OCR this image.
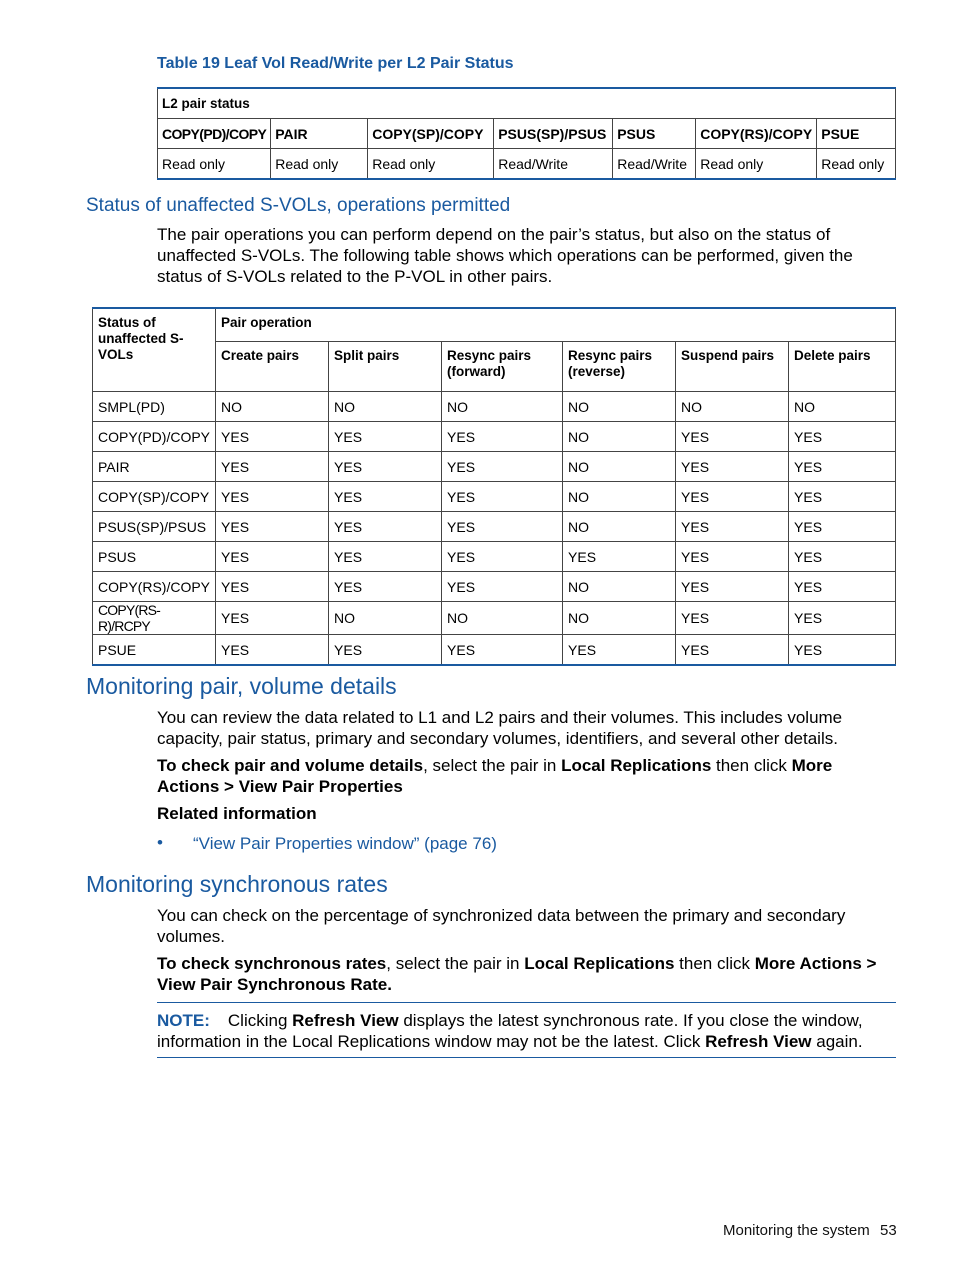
Table 19 Leaf Vol Read/Write per L2 Pair Status
L2 pair status						
COPY(PD)/COPY	PAIR	COPY(SP)/COPY	PSUS(SP)/PSUS	PSUS	COPY(RS)/COPY	PSUE
Read only	Read only	Read only	Read/Write	Read/Write	Read only	Read only
Status of unaffected S-VOLs, operations permitted

The pair operations you can perform depend on the pair’s status, but also on the status of unaffected S-VOLs. The following table shows which operations can be performed, given the status of S-VOLs related to the P-VOL in other pairs.

Status of unaffected S-VOLs	Pair operation					
	Create pairs	Split pairs	Resync pairs (forward)	Resync pairs (reverse)	Suspend pairs	Delete pairs
SMPL(PD)	NO	NO	NO	NO	NO	NO
COPY(PD)/COPY	YES	YES	YES	NO	YES	YES
PAIR	YES	YES	YES	NO	YES	YES
COPY(SP)/COPY	YES	YES	YES	NO	YES	YES
PSUS(SP)/PSUS	YES	YES	YES	NO	YES	YES
PSUS	YES	YES	YES	YES	YES	YES
COPY(RS)/COPY	YES	YES	YES	NO	YES	YES
COPY(RS-R)/RCPY	YES	NO	NO	NO	YES	YES
PSUE	YES	YES	YES	YES	YES	YES
Monitoring pair, volume details

You can review the data related to L1 and L2 pairs and their volumes. This includes volume capacity, pair status, primary and secondary volumes, identifiers, and several other details.

To check pair and volume details, select the pair in Local Replications then click More Actions > View Pair Properties

Related information

• “View Pair Properties window” (page 76)

Monitoring synchronous rates

You can check on the percentage of synchronized data between the primary and secondary volumes.

To check synchronous rates, select the pair in Local Replications then click More Actions > View Pair Synchronous Rate.

NOTE: Clicking Refresh View displays the latest synchronous rate. If you close the window, information in the Local Replications window may not be the latest. Click Refresh View again.
Monitoring the system 53
